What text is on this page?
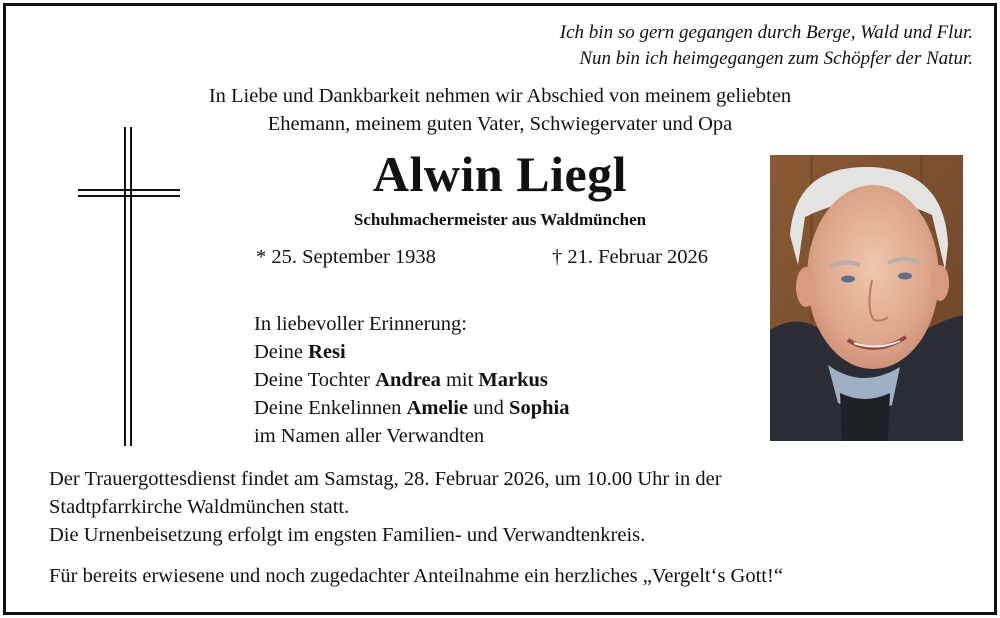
Ich bin so gern gegangen durch Berge, Wald und Flur.
Nun bin ich heimgegangen zum Schöpfer der Natur.
In Liebe und Dankbarkeit nehmen wir Abschied von meinem geliebten
Ehemann, meinem guten Vater, Schwiegervater und Opa
Alwin Liegl
Schuhmachermeister aus Waldmünchen
* 25. September 1938	† 21. Februar 2026
In liebevoller Erinnerung:
Deine Resi
Deine Tochter Andrea mit Markus
Deine Enkelinnen Amelie und Sophia
im Namen aller Verwandten
Der Trauergottesdienst findet am Samstag, 28. Februar 2026, um 10.00 Uhr in der
Stadtpfarrkirche Waldmünchen statt.
Die Urnenbeisetzung erfolgt im engsten Familien- und Verwandtenkreis.
Für bereits erwiesene und noch zugedachter Anteilnahme ein herzliches „Vergelt‘s Gott!“
